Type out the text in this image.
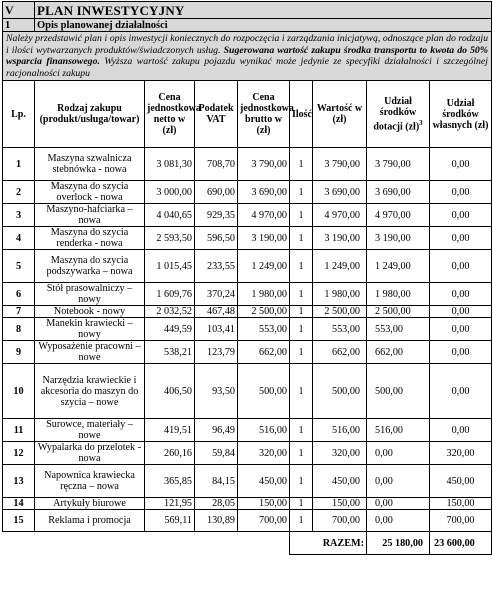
V	PLAN INWESTYCYJNY								
1	Opis planowanej działalności								
Należy przedstawić plan i opis inwestycji koniecznych do rozpoczęcia i zarządzania inicjatywą, odnoszące plan do rodzaju i ilości wytwarzanych produktów/świadczonych usług. Sugerowana wartość zakupu środka transportu to kwota do 50% wsparcia finansowego. Wyższa wartość zakupu pojazdu wynikać może jedynie ze specyfiki działalności i szczególnej racjonalności zakupu									
Lp.	Rodzaj zakupu (produkt/usługa/towar)	Cena jednostkowa netto w (zł)	Podatek VAT	Cena jednostkowa brutto w (zł)	Ilość	Wartość w (zł)	Udział środków dotacji (zł)$^3$	Udział środków własnych (zł)	
1	Maszyna szwalnicza stebnówka - nowa	3 081,30	708,70	3 790,00	1	3 790,00	3 790,00	0,00	
2	Maszyna do szycia overlock - nowa	3 000,00	690,00	3 690,00	1	3 690,00	3 690,00	0,00	
3	Maszyno-hafciarka – nowa	4 040,65	929,35	4 970,00	1	4 970,00	4 970,00	0,00	
4	Maszyna do szycia renderka - nowa	2 593,50	596,50	3 190,00	1	3 190,00	3 190,00	0,00	
5	Maszyna do szycia podszywarka – nowa	1 015,45	233,55	1 249,00	1	1 249,00	1 249,00	0,00	
6	Stół prasowalniczy – nowy	1 609,76	370,24	1 980,00	1	1 980,00	1 980,00	0,00	
7	Notebook - nowy	2 032,52	467,48	2 500,00	1	2 500,00	2 500,00	0,00	
8	Manekin krawiecki – nowy	449,59	103,41	553,00	1	553,00	553,00	0,00	
9	Wyposażenie pracowni – nowe	538,21	123,79	662,00	1	662,00	662,00	0,00	
10	Narzędzia krawieckie i akcesoria do maszyn do szycia – nowe	406,50	93,50	500,00	1	500,00	500,00	0,00	
11	Surowce, materiały – nowe	419,51	96,49	516,00	1	516,00	516,00	0,00	
12	Wypalarka do przelotek - nowa	260,16	59,84	320,00	1	320,00	0,00	320,00	
13	Napownica krawiecka ręczna – nowa	365,85	84,15	450,00	1	450,00	0,00	450,00	
14	Artykuły biurowe	121,95	28,05	150,00	1	150,00	0,00	150,00	
15	Reklama i promocja	569,11	130,89	700,00	1	700,00	0,00	700,00	
					RAZEM:		25 180,00	23 600,00	
